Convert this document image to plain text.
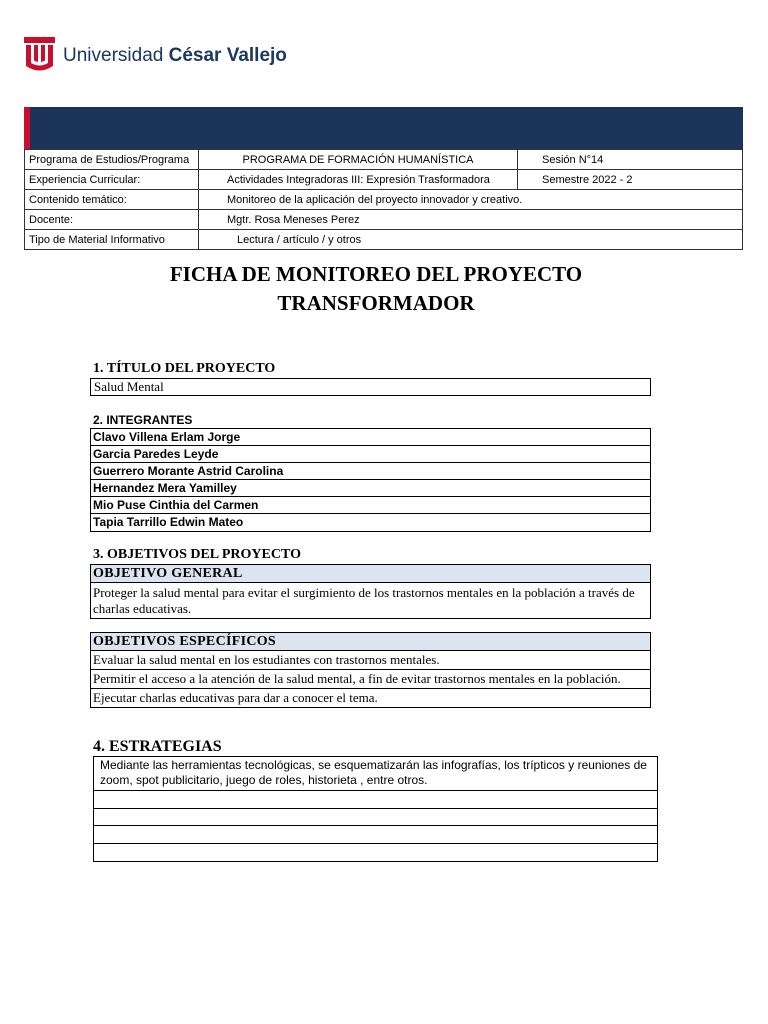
Universidad César Vallejo
Programa de Estudios/Programa	PROGRAMA DE FORMACIÓN HUMANÍSTICA	Sesión N°14
Experiencia Curricular:	Actividades Integradoras III: Expresión Trasformadora	Semestre 2022 - 2
Contenido temático:	Monitoreo de la aplicación del proyecto innovador y creativo.	
Docente:	Mgtr. Rosa Meneses Perez	
Tipo de Material Informativo	Lectura / artículo / y otros	
FICHA DE MONITOREO DEL PROYECTO
TRANSFORMADOR
1. TÍTULO DEL PROYECTO
Salud Mental
2. INTEGRANTES
Clavo Villena Erlam Jorge
Garcia Paredes Leyde
Guerrero Morante Astrid Carolina
Hernandez Mera Yamilley
Mio Puse Cinthia del Carmen
Tapia Tarrillo Edwin Mateo
3. OBJETIVOS DEL PROYECTO
OBJETIVO GENERAL
Proteger la salud mental para evitar el surgimiento de los trastornos mentales en la población a través de charlas educativas.
OBJETIVOS ESPECÍFICOS
Evaluar la salud mental en los estudiantes con trastornos mentales.
Permitir el acceso a la atención de la salud mental, a fin de evitar trastornos mentales en la población.
Ejecutar charlas educativas para dar a conocer el tema.
4. ESTRATEGIAS
Mediante las herramientas tecnológicas, se esquematizarán las infografías, los trípticos y reuniones de zoom, spot publicitario, juego de roles, historieta , entre otros.
